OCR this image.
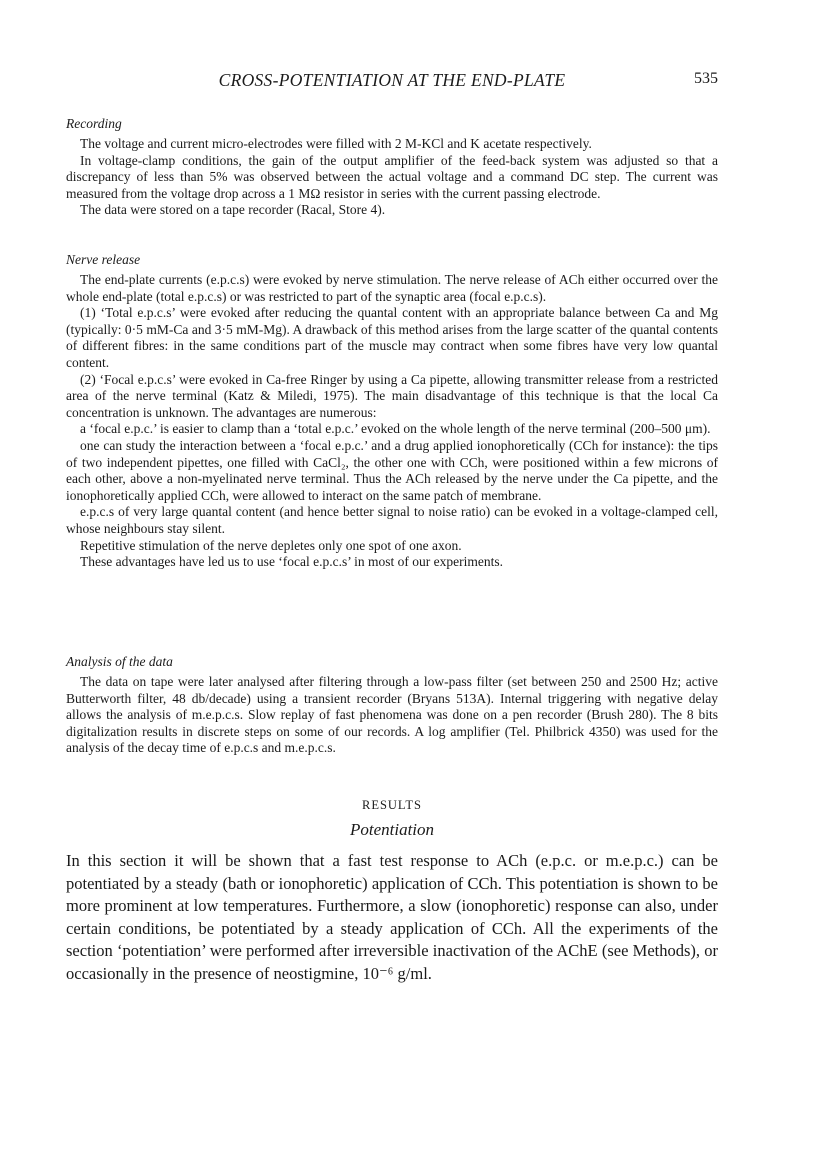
CROSS-POTENTIATION AT THE END-PLATE	535
Recording

The voltage and current micro-electrodes were filled with 2 M-KCl and K acetate respectively.

In voltage-clamp conditions, the gain of the output amplifier of the feed-back system was adjusted so that a discrepancy of less than 5% was observed between the actual voltage and a command DC step. The current was measured from the voltage drop across a 1 MΩ resistor in series with the current passing electrode.

The data were stored on a tape recorder (Racal, Store 4).

Nerve release

The end-plate currents (e.p.c.s) were evoked by nerve stimulation. The nerve release of ACh either occurred over the whole end-plate (total e.p.c.s) or was restricted to part of the synaptic area (focal e.p.c.s).

(1) ‘Total e.p.c.s’ were evoked after reducing the quantal content with an appropriate balance between Ca and Mg (typically: 0·5 mM-Ca and 3·5 mM-Mg). A drawback of this method arises from the large scatter of the quantal contents of different fibres: in the same conditions part of the muscle may contract when some fibres have very low quantal content.

(2) ‘Focal e.p.c.s’ were evoked in Ca-free Ringer by using a Ca pipette, allowing transmitter release from a restricted area of the nerve terminal (Katz & Miledi, 1975). The main disadvantage of this technique is that the local Ca concentration is unknown. The advantages are numerous:

a ‘focal e.p.c.’ is easier to clamp than a ‘total e.p.c.’ evoked on the whole length of the nerve terminal (200–500 μm).

one can study the interaction between a ‘focal e.p.c.’ and a drug applied ionophoretically (CCh for instance): the tips of two independent pipettes, one filled with CaCl₂, the other one with CCh, were positioned within a few microns of each other, above a non-myelinated nerve terminal. Thus the ACh released by the nerve under the Ca pipette, and the ionophoretically applied CCh, were allowed to interact on the same patch of membrane.

e.p.c.s of very large quantal content (and hence better signal to noise ratio) can be evoked in a voltage-clamped cell, whose neighbours stay silent.

Repetitive stimulation of the nerve depletes only one spot of one axon.

These advantages have led us to use ‘focal e.p.c.s’ in most of our experiments.

Analysis of the data

The data on tape were later analysed after filtering through a low-pass filter (set between 250 and 2500 Hz; active Butterworth filter, 48 db/decade) using a transient recorder (Bryans 513A). Internal triggering with negative delay allows the analysis of m.e.p.c.s. Slow replay of fast phenomena was done on a pen recorder (Brush 280). The 8 bits digitalization results in discrete steps on some of our records. A log amplifier (Tel. Philbrick 4350) was used for the analysis of the decay time of e.p.c.s and m.e.p.c.s.

RESULTS
Potentiation

In this section it will be shown that a fast test response to ACh (e.p.c. or m.e.p.c.) can be potentiated by a steady (bath or ionophoretic) application of CCh. This potentiation is shown to be more prominent at low temperatures. Furthermore, a slow (ionophoretic) response can also, under certain conditions, be potentiated by a steady application of CCh. All the experiments of the section ‘potentiation’ were performed after irreversible inactivation of the AChE (see Methods), or occasionally in the presence of neostigmine, 10⁻⁶ g/ml.
